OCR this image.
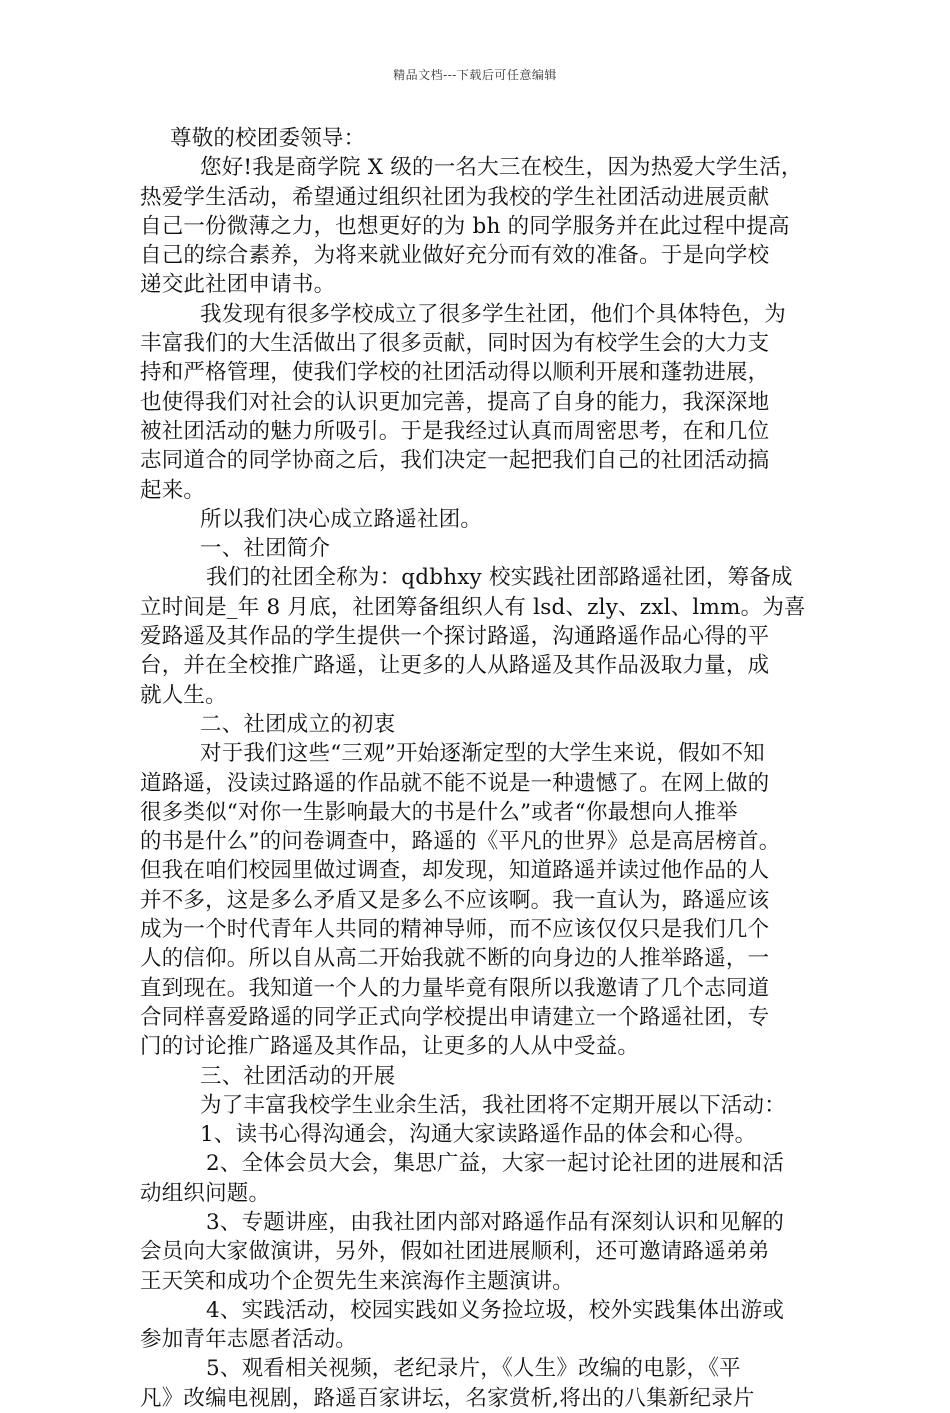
精品文档---下载后可任意编辑
尊敬的校团委领导：
您好!我是商学院 X 级的一名大三在校生，因为热爱大学生活，
热爱学生活动，希望通过组织社团为我校的学生社团活动进展贡献
自己一份微薄之力，也想更好的为 bh 的同学服务并在此过程中提高
自己的综合素养，为将来就业做好充分而有效的准备。于是向学校
递交此社团申请书。
我发现有很多学校成立了很多学生社团，他们个具体特色，为
丰富我们的大生活做出了很多贡献，同时因为有校学生会的大力支
持和严格管理，使我们学校的社团活动得以顺利开展和蓬勃进展，
也使得我们对社会的认识更加完善，提高了自身的能力，我深深地
被社团活动的魅力所吸引。于是我经过认真而周密思考，在和几位
志同道合的同学协商之后，我们决定一起把我们自己的社团活动搞
起来。
所以我们决心成立路遥社团。
一、社团简介
我们的社团全称为：qdbhxy 校实践社团部路遥社团，筹备成
立时间是_年 8 月底，社团筹备组织人有 lsd、zly、zxl、lmm。为喜
爱路遥及其作品的学生提供一个探讨路遥，沟通路遥作品心得的平
台，并在全校推广路遥，让更多的人从路遥及其作品汲取力量，成
就人生。
二、社团成立的初衷
对于我们这些“三观”开始逐渐定型的大学生来说，假如不知
道路遥，没读过路遥的作品就不能不说是一种遗憾了。在网上做的
很多类似“对你一生影响最大的书是什么”或者“你最想向人推举
的书是什么”的问卷调查中，路遥的《平凡的世界》总是高居榜首。
但我在咱们校园里做过调查，却发现，知道路遥并读过他作品的人
并不多，这是多么矛盾又是多么不应该啊。我一直认为，路遥应该
成为一个时代青年人共同的精神导师，而不应该仅仅只是我们几个
人的信仰。所以自从高二开始我就不断的向身边的人推举路遥，一
直到现在。我知道一个人的力量毕竟有限所以我邀请了几个志同道
合同样喜爱路遥的同学正式向学校提出申请建立一个路遥社团，专
门的讨论推广路遥及其作品，让更多的人从中受益。
三、社团活动的开展
为了丰富我校学生业余生活，我社团将不定期开展以下活动：
1、读书心得沟通会，沟通大家读路遥作品的体会和心得。
2、全体会员大会，集思广益，大家一起讨论社团的进展和活
动组织问题。
3、专题讲座，由我社团内部对路遥作品有深刻认识和见解的
会员向大家做演讲，另外，假如社团进展顺利，还可邀请路遥弟弟
王天笑和成功个企贺先生来滨海作主题演讲。
4、实践活动，校园实践如义务捡垃圾，校外实践集体出游或
参加青年志愿者活动。
5、观看相关视频，老纪录片，《人生》改编的电影，《平
凡》改编电视剧，路遥百家讲坛，名家赏析,将出的八集新纪录片
